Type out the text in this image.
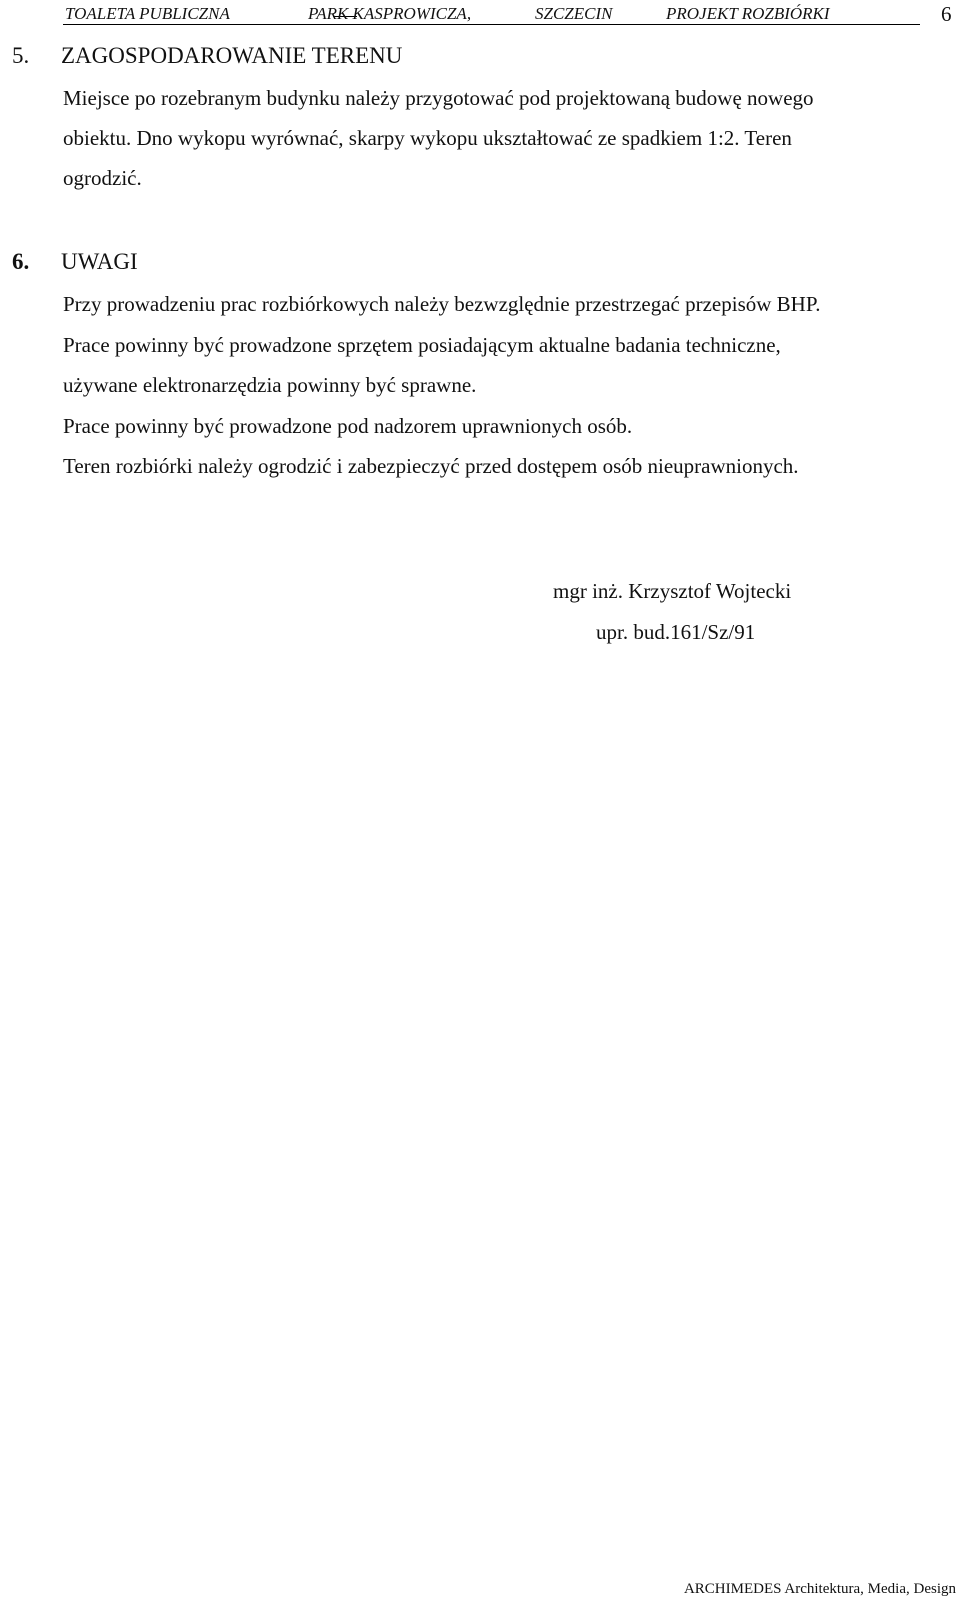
TOALETA PUBLICZNA	PARK KASPROWICZA,	SZCZECIN	PROJEKT ROZBIÓRKI	6
5. ZAGOSPODAROWANIE TERENU
Miejsce po rozebranym budynku należy przygotować pod projektowaną budowę nowego
obiektu. Dno wykopu wyrównać, skarpy wykopu ukształtować ze spadkiem 1:2. Teren
ogrodzić.
6. UWAGI
Przy prowadzeniu prac rozbiórkowych należy bezwzględnie przestrzegać przepisów BHP.
Prace powinny być prowadzone sprzętem posiadającym aktualne badania techniczne,
używane elektronarzędzia powinny być sprawne.
Prace powinny być prowadzone pod nadzorem uprawnionych osób.
Teren rozbiórki należy ogrodzić i zabezpieczyć przed dostępem osób nieuprawnionych.
mgr inż. Krzysztof Wojtecki
upr. bud.161/Sz/91
ARCHIMEDES Architektura, Media, Design
